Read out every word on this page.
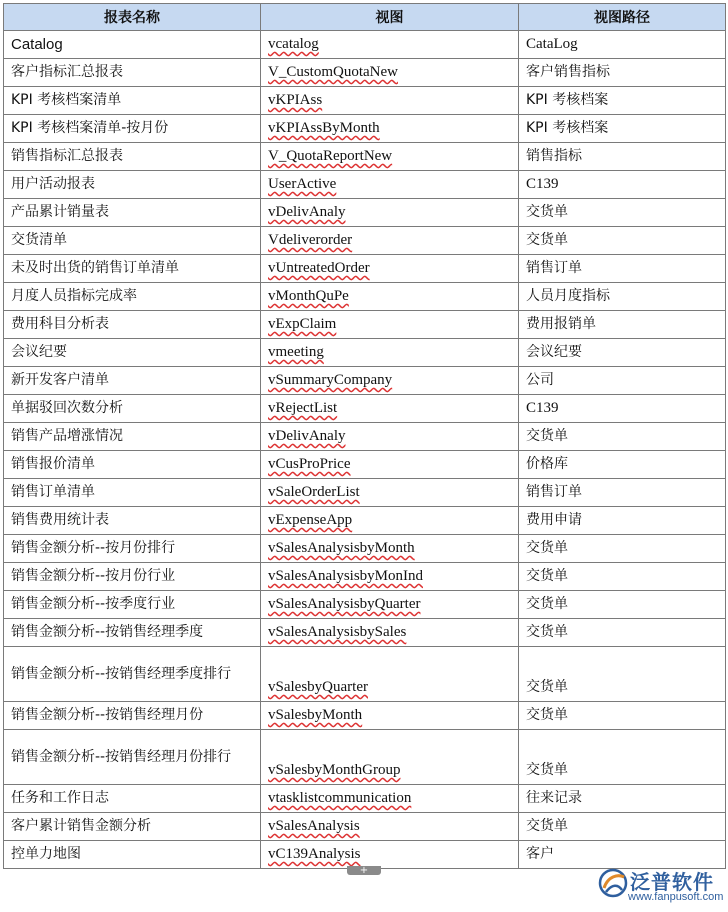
报表名称	视图	视图路径
Catalog	vcatalog	CataLog
客户指标汇总报表	V_CustomQuotaNew	客户销售指标
KPI 考核档案清单	vKPIAss	KPI 考核档案
KPI 考核档案清单-按月份	vKPIAssByMonth	KPI 考核档案
销售指标汇总报表	V_QuotaReportNew	销售指标
用户活动报表	UserActive	C139
产品累计销量表	vDelivAnaly	交货单
交货清单	Vdeliverorder	交货单
未及时出货的销售订单清单	vUntreatedOrder	销售订单
月度人员指标完成率	vMonthQuPe	人员月度指标
费用科目分析表	vExpClaim	费用报销单
会议纪要	vmeeting	会议纪要
新开发客户清单	vSummaryCompany	公司
单据驳回次数分析	vRejectList	C139
销售产品增涨情况	vDelivAnaly	交货单
销售报价清单	vCusProPrice	价格库
销售订单清单	vSaleOrderList	销售订单
销售费用统计表	vExpenseApp	费用申请
销售金额分析--按月份排行	vSalesAnalysisbyMonth	交货单
销售金额分析--按月份行业	vSalesAnalysisbyMonInd	交货单
销售金额分析--按季度行业	vSalesAnalysisbyQuarter	交货单
销售金额分析--按销售经理季度	vSalesAnalysisbySales	交货单
销售金额分析--按销售经理季度排行	vSalesbyQuarter	交货单
销售金额分析--按销售经理月份	vSalesbyMonth	交货单
销售金额分析--按销售经理月份排行	vSalesbyMonthGroup	交货单
任务和工作日志	vtasklistcommunication	往来记录
客户累计销售金额分析	vSalesAnalysis	交货单
控单力地图	vC139Analysis	客户
+	泛普软件
www.fanpusoft.com
